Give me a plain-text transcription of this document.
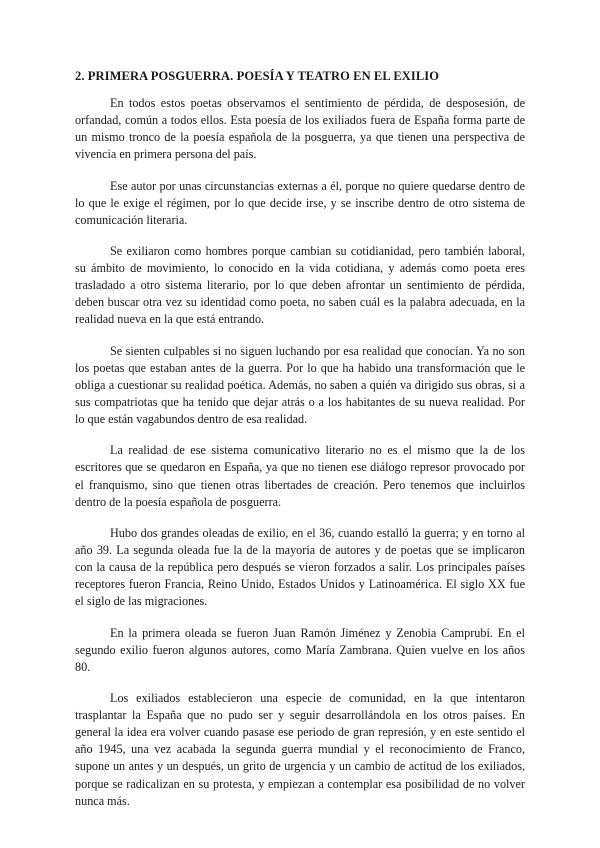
2. PRIMERA POSGUERRA. POESÍA Y TEATRO EN EL EXILIO

En todos estos poetas observamos el sentimiento de pérdida, de desposesión, de orfandad, común a todos ellos. Esta poesía de los exiliados fuera de España forma parte de un mismo tronco de la poesía española de la posguerra, ya que tienen una perspectiva de vivencia en primera persona del país.

Ese autor por unas circunstancias externas a él, porque no quiere quedarse dentro de lo que le exige el régimen, por lo que decide irse, y se inscribe dentro de otro sistema de comunicación literaria.

Se exiliaron como hombres porque cambian su cotidianidad, pero también laboral, su ámbito de movimiento, lo conocido en la vida cotidiana, y además como poeta eres trasladado a otro sistema literario, por lo que deben afrontar un sentimiento de pérdida, deben buscar otra vez su identidad como poeta, no saben cuál es la palabra adecuada, en la realidad nueva en la que está entrando.

Se sienten culpables si no siguen luchando por esa realidad que conocían. Ya no son los poetas que estaban antes de la guerra. Por lo que ha habido una transformación que le obliga a cuestionar su realidad poética. Además, no saben a quién va dirigido sus obras, si a sus compatriotas que ha tenido que dejar atrás o a los habitantes de su nueva realidad. Por lo que están vagabundos dentro de esa realidad.

La realidad de ese sistema comunicativo literario no es el mismo que la de los escritores que se quedaron en España, ya que no tienen ese diálogo represor provocado por el franquismo, sino que tienen otras libertades de creación. Pero tenemos que incluirlos dentro de la poesía española de posguerra.

Hubo dos grandes oleadas de exilio, en el 36, cuando estalló la guerra; y en torno al año 39. La segunda oleada fue la de la mayoría de autores y de poetas que se implicaron con la causa de la república pero después se vieron forzados a salir. Los principales países receptores fueron Francia, Reino Unido, Estados Unidos y Latinoamérica. El siglo XX fue el siglo de las migraciones.

En la primera oleada se fueron Juan Ramón Jiménez y Zenobia Camprubí. En el segundo exilio fueron algunos autores, como María Zambrana. Quien vuelve en los años 80.

Los exiliados establecieron una especie de comunidad, en la que intentaron trasplantar la España que no pudo ser y seguir desarrollándola en los otros países. En general la idea era volver cuando pasase ese periodo de gran represión, y en este sentido el año 1945, una vez acabada la segunda guerra mundial y el reconocimiento de Franco, supone un antes y un después, un grito de urgencia y un cambio de actitud de los exiliados, porque se radicalizan en su protesta, y empiezan a contemplar esa posibilidad de no volver nunca más.
